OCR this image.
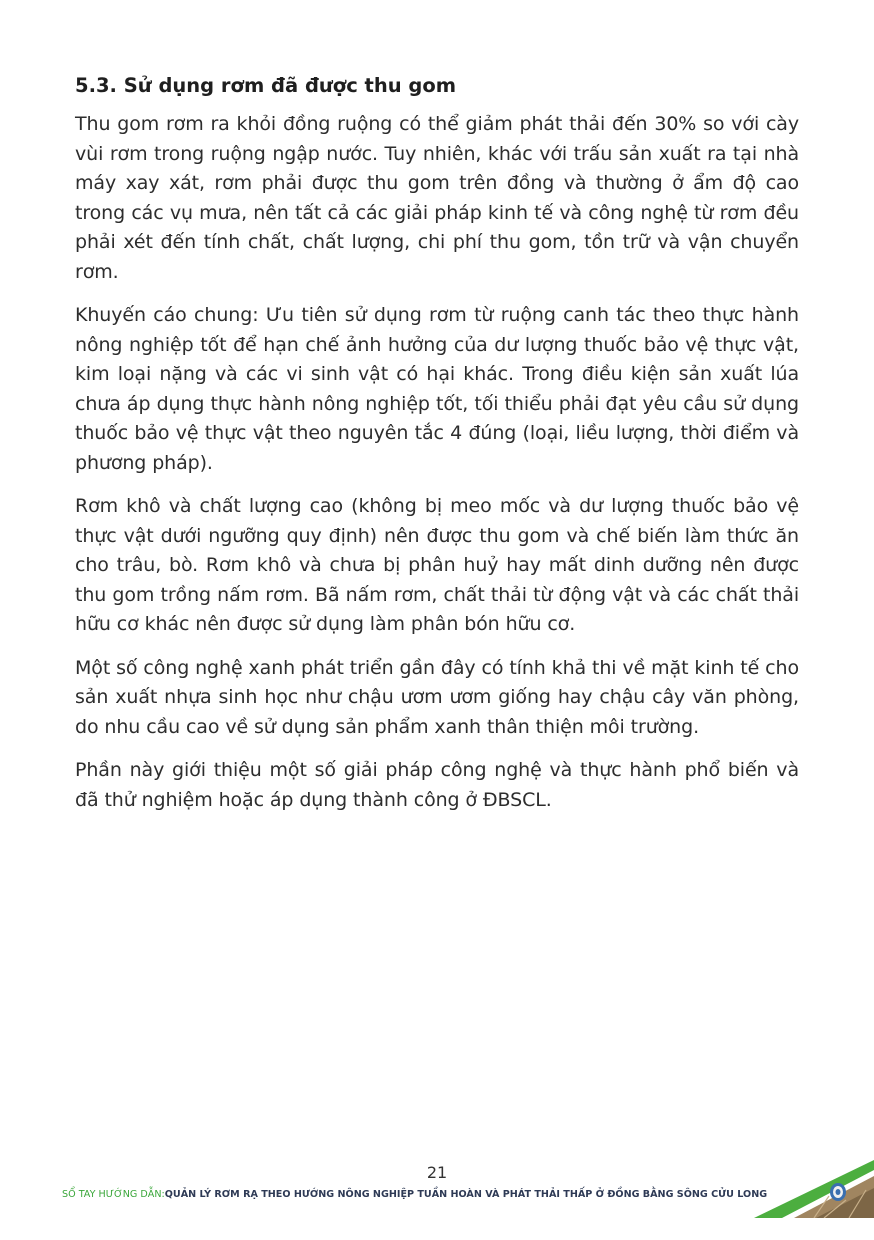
5.3. Sử dụng rơm đã được thu gom

Thu gom rơm ra khỏi đồng ruộng có thể giảm phát thải đến 30% so với cày vùi rơm trong ruộng ngập nước. Tuy nhiên, khác với trấu sản xuất ra tại nhà máy xay xát, rơm phải được thu gom trên đồng và thường ở ẩm độ cao trong các vụ mưa, nên tất cả các giải pháp kinh tế và công nghệ từ rơm đều phải xét đến tính chất, chất lượng, chi phí thu gom, tồn trữ và vận chuyển rơm.

Khuyến cáo chung: Ưu tiên sử dụng rơm từ ruộng canh tác theo thực hành nông nghiệp tốt để hạn chế ảnh hưởng của dư lượng thuốc bảo vệ thực vật, kim loại nặng và các vi sinh vật có hại khác. Trong điều kiện sản xuất lúa chưa áp dụng thực hành nông nghiệp tốt, tối thiểu phải đạt yêu cầu sử dụng thuốc bảo vệ thực vật theo nguyên tắc 4 đúng (loại, liều lượng, thời điểm và phương pháp).

Rơm khô và chất lượng cao (không bị meo mốc và dư lượng thuốc bảo vệ thực vật dưới ngưỡng quy định) nên được thu gom và chế biến làm thức ăn cho trâu, bò. Rơm khô và chưa bị phân huỷ hay mất dinh dưỡng nên được thu gom trồng nấm rơm. Bã nấm rơm, chất thải từ động vật và các chất thải hữu cơ khác nên được sử dụng làm phân bón hữu cơ.

Một số công nghệ xanh phát triển gần đây có tính khả thi về mặt kinh tế cho sản xuất nhựa sinh học như chậu ươm ươm giống hay chậu cây văn phòng, do nhu cầu cao về sử dụng sản phẩm xanh thân thiện môi trường.

Phần này giới thiệu một số giải pháp công nghệ và thực hành phổ biến và đã thử nghiệm hoặc áp dụng thành công ở ĐBSCL.

21
SỔ TAY HƯỚNG DẪN:QUẢN LÝ RƠM RẠ THEO HƯỚNG NÔNG NGHIỆP TUẦN HOÀN VÀ PHÁT THẢI THẤP Ở ĐỒNG BẰNG SÔNG CỬU LONG
